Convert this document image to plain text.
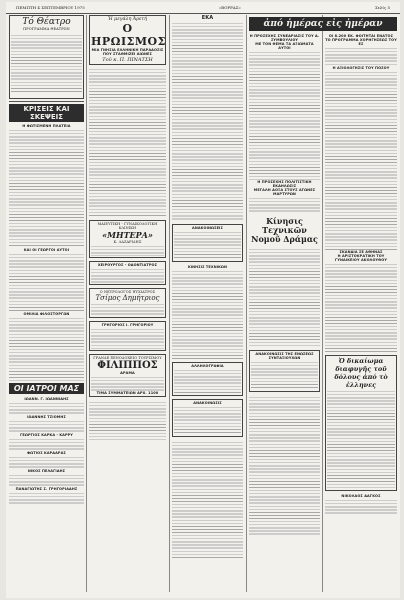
ΠΕΜΠΤΗ 4 ΣΕΠΤΕΜΒΡΙΟΥ 1975	«ΒΟΡΡΑΣ»	Σελίς 5
Τό Θέατρο
ΠΡΟΓΡΑΜΜΑ ΘΕΑΤΡΩΝ
ΚΡΙΣΕΙΣ ΚΑΙ ΣΚΕΨΕΙΣ
Η ΦΩΤΙΣΜΕΝΗ ΠΛΑΤΕΙΑ
ΚΑΙ ΟΙ ΓΕΩΡΓΟΙ ΑΥΤΟΙ
ΟΜΙΛΙΑ ΦΙΛΟΣΤΟΡΓΩΝ
ΟΙ ΙΑΤΡΟΙ ΜΑΣ
ΙΩΑΝΝ. Γ. ΙΩΑΝΝΙΔΗΣ
ΙΩΑΝΝΗΣ ΤΣΙΟΜΗΣ
ΓΕΩΡΓΙΟΣ ΚΑΡΚΑ - ΚΑΡΡΥ
ΦΩΤΙΟΣ ΚΑΡΔΑΡΑΣ
ΝΙΚΟΣ ΠΕΛΑΓΙΔΗΣ
ΠΑΝΑΓΙΩΤΗΣ Σ. ΓΡΗΓΟΡΙΑΔΗΣ
Ἡ μεγάλη Ἀρετή
Ο ΗΡΩΙΣΜΟΣ
ΜΙΑ ΓΝΗΣΙΑ ΕΛΛΗΝΙΚΗ ΠΑΡΑΔΟΣΙΣ
ΠΟΥ ΣΤΑΘΜΙΖΕΙ ΑΙΩΝΕΣ
Τοῦ κ. Π. ΠΙΝΑΤΣΗ
ΜΑΙΕΥΤΙΚΗ - ΓΥΝΑΙΚΟΛΟΓΙΚΗ ΚΛΙΝΙΚΗ
«ΜΗΤΕΡΑ»
Κ. ΛΑΖΑΡΙΔΗΣ
ΧΕΙΡΟΥΡΓΟΣ - ΟΔΟΝΤΙΑΤΡΟΣ
Ο ΝΕΥΡΟΛΟΓΟΣ ΨΥΧΙΑΤΡΟΣ
Τσίμος Δημήτριος
ΓΡΗΓΟΡΙΟΣ Ι. ΓΡΗΓΟΡΙΟΥ
ΓΡΑΝΔΕ ΞΕΝΟΔΟΧΕΙΟ ΤΟΥΡΙΣΜΟΥ
ΦΙΛΙΠΠΟΣ
ΔΡΑΜΑ
ΤΙΜΑ ΣΥΜΜΑΤΕΙΩΝ ΔΡΧ. 1100
ΕΚΑ
ΑΝΑΚΟΙΝΩΣΕΙΣ
ΚΙΝΗΣΙΣ ΤΕΧΝΙΚΩΝ
ΑΛΛΗΛΟΓΡΑΦΙΑ
ΑΝΑΚΟΙΝΩΣΙΣ
ἀπό ἡμέρας εἰς ἡμέραν
Η ΠΡΟΣΕΧΗΣ ΣΥΝΕΔΡΙΑΣΙΣ ΤΟΥ Δ. ΣΥΜΒΟΥΛΙΟΥ
ΜΕ ΤΟΝ ΘΕΜΑ ΤΑ ΑΞΙΩΜΑΤΑ ΑΥΤΟΙ
Η ΠΡΟΣΕΧΗΣ ΠΟΛΙΤΙΣΤΙΚΗ ΕΚΔΗΛΩΣΙΣ
ΜΕΓΑΛΗ ΔΟΞΑ ΣΤΟΥΣ ΑΓΩΝΕΣ ΜΑΡΤΥΡΩΝ
Κίνησις Τεχνικῶν Νομοῦ Δράμας
ΑΝΑΚΟΙΝΩΣΙΣ ΤΗΣ ΕΝΩΣΕΩΣ ΣΥΝΤΑΞΙΟΥΧΩΝ
ΟΙ 8.200 ΕΚ. ΦΟΙΤΗΤΑΙ ΕΝΑΤΟΣ
ΤΟ ΠΡΟΓΡΑΜΜΑ ΧΟΡΗΓΗΣΕΩΣ ΤΟΥ ΕΣ
Η ΑΞΙΟΛΟΓΗΣΙΣ ΤΟΥ ΠΟΣΟΥ
ΣΚΑΝΔΙΑ ΣΕ ΑΘΗΝΑΣ
Η ΑΡΙΣΤΟΚΡΑΤΙΚΗ ΤΟΥ ΓΥΝΑΙΚΕΙΟΥ ΑΚΟΛΟΥΘΟΥ
Ὁ δικαίωμα διαφυγῆς τοῦ δόλους ἀπό τὸ ἐλληνες
ΝΙΚΟΛΑΟΣ ΔΑΓΚΟΣ
